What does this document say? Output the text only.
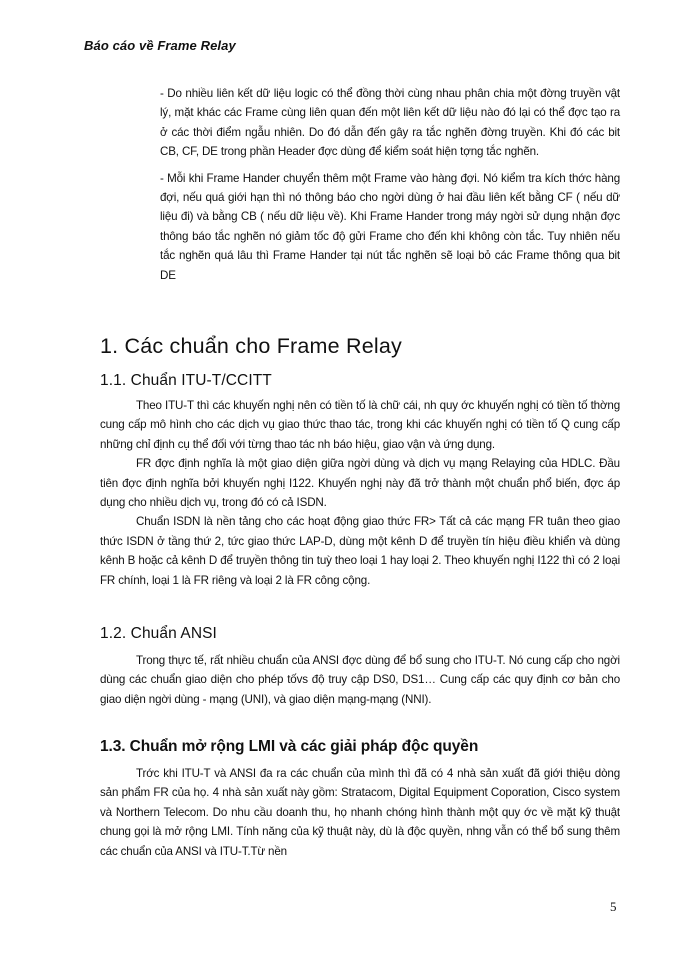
Báo cáo về Frame Relay

- Do nhiều liên kết dữ liệu logic có thể đồng thời cùng nhau phân chia một đờng truyền vật lý, mặt khác các Frame cùng liên quan đến một liên kết dữ liệu nào đó lại có thể đợc tạo ra ở các thời điểm ngẫu nhiên. Do đó dẫn đến gây ra tắc nghẽn đờng truyền. Khi đó các bit CB, CF, DE trong phần Header đợc dùng để kiểm soát hiện tợng tắc nghẽn.

- Mỗi khi Frame Hander chuyển thêm một Frame vào hàng đợi. Nó kiểm tra kích thớc hàng đợi, nếu quá giới hạn thì nó thông báo cho ngời dùng ở hai đầu liên kết bằng CF ( nếu dữ liệu đi) và bằng CB ( nếu dữ liệu về). Khi Frame Hander trong máy ngời sử dụng nhận đợc thông báo tắc nghẽn nó giảm tốc độ gửi Frame cho đến khi không còn tắc. Tuy nhiên nếu tắc nghẽn quá lâu thì Frame Hander tại nút tắc nghẽn sẽ loại bỏ các Frame thông qua bit DE

1. Các chuẩn cho Frame Relay
1.1. Chuẩn ITU-T/CCITT

Theo ITU-T thì các khuyến nghị nên có tiền tố là chữ cái, nh quy ớc khuyến nghị có tiền tố thờng cung cấp mô hình cho các dịch vụ giao thức thao tác, trong khi các khuyến nghị có tiền tố Q cung cấp những chỉ định cụ thể đối với từng thao tác nh báo hiệu, giao vận và ứng dụng.

FR đợc định nghĩa là một giao diện giữa ngời dùng và dịch vụ mạng Relaying của HDLC. Đầu tiên đợc định nghĩa bởi khuyến nghị I122. Khuyến nghị này đã trở thành một chuẩn phổ biến, đợc áp dụng cho nhiều dịch vụ, trong đó có cả ISDN.

Chuẩn ISDN là nền tảng cho các hoạt động giao thức FR> Tất cả các mạng FR tuân theo giao thức ISDN ở tầng thứ 2, tức giao thức LAP-D, dùng một kênh D để truyền tín hiệu điều khiển và dùng kênh B hoặc cả kênh D để truyền thông tin tuỳ theo loại 1 hay loại 2. Theo khuyến nghị I122 thì có 2 loại FR chính, loại 1 là FR riêng và loại 2 là FR công cộng.

1.2. Chuẩn ANSI

Trong thực tế, rất nhiều chuẩn của ANSI đợc dùng để bổ sung cho ITU-T. Nó cung cấp cho ngời dùng các chuẩn giao diện cho phép tốvs độ truy cập DS0, DS1… Cung cấp các quy định cơ bản cho giao diện ngời dùng - mạng (UNI), và giao diện mạng-mạng (NNI).

1.3. Chuẩn mở rộng LMI và các giải pháp độc quyền

Trớc khi ITU-T và ANSI đa ra các chuẩn của mình thì đã có 4 nhà sản xuất đã giới thiệu dòng sản phẩm FR của họ. 4 nhà sản xuất này gồm: Stratacom, Digital Equipment Coporation, Cisco system và Northern Telecom. Do nhu cầu doanh thu, họ nhanh chóng hình thành một quy ớc về mặt kỹ thuật chung gọi là mở rộng LMI. Tính năng của kỹ thuật này, dù là độc quyền, nhng vẫn có thể bổ sung thêm các chuẩn của ANSI và ITU-T.Từ nền

5
